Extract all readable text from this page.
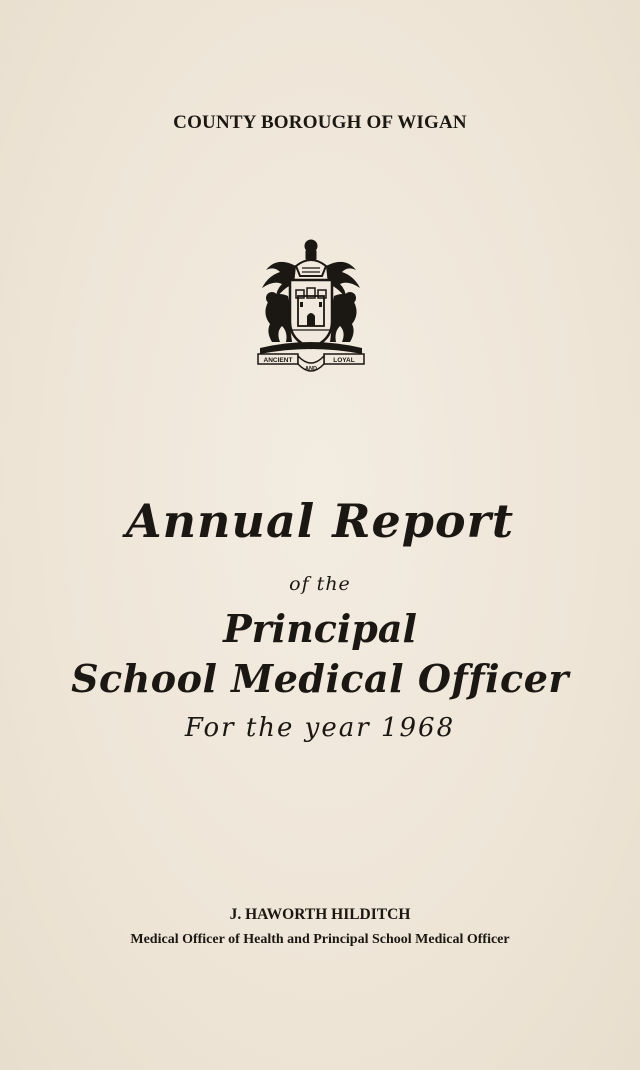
COUNTY BOROUGH OF WIGAN
ANCIENT
AND
LOYAL
Annual Report
of the
Principal
School Medical Officer
For the year 1968
J. HAWORTH HILDITCH
Medical Officer of Health and Principal School Medical Officer
